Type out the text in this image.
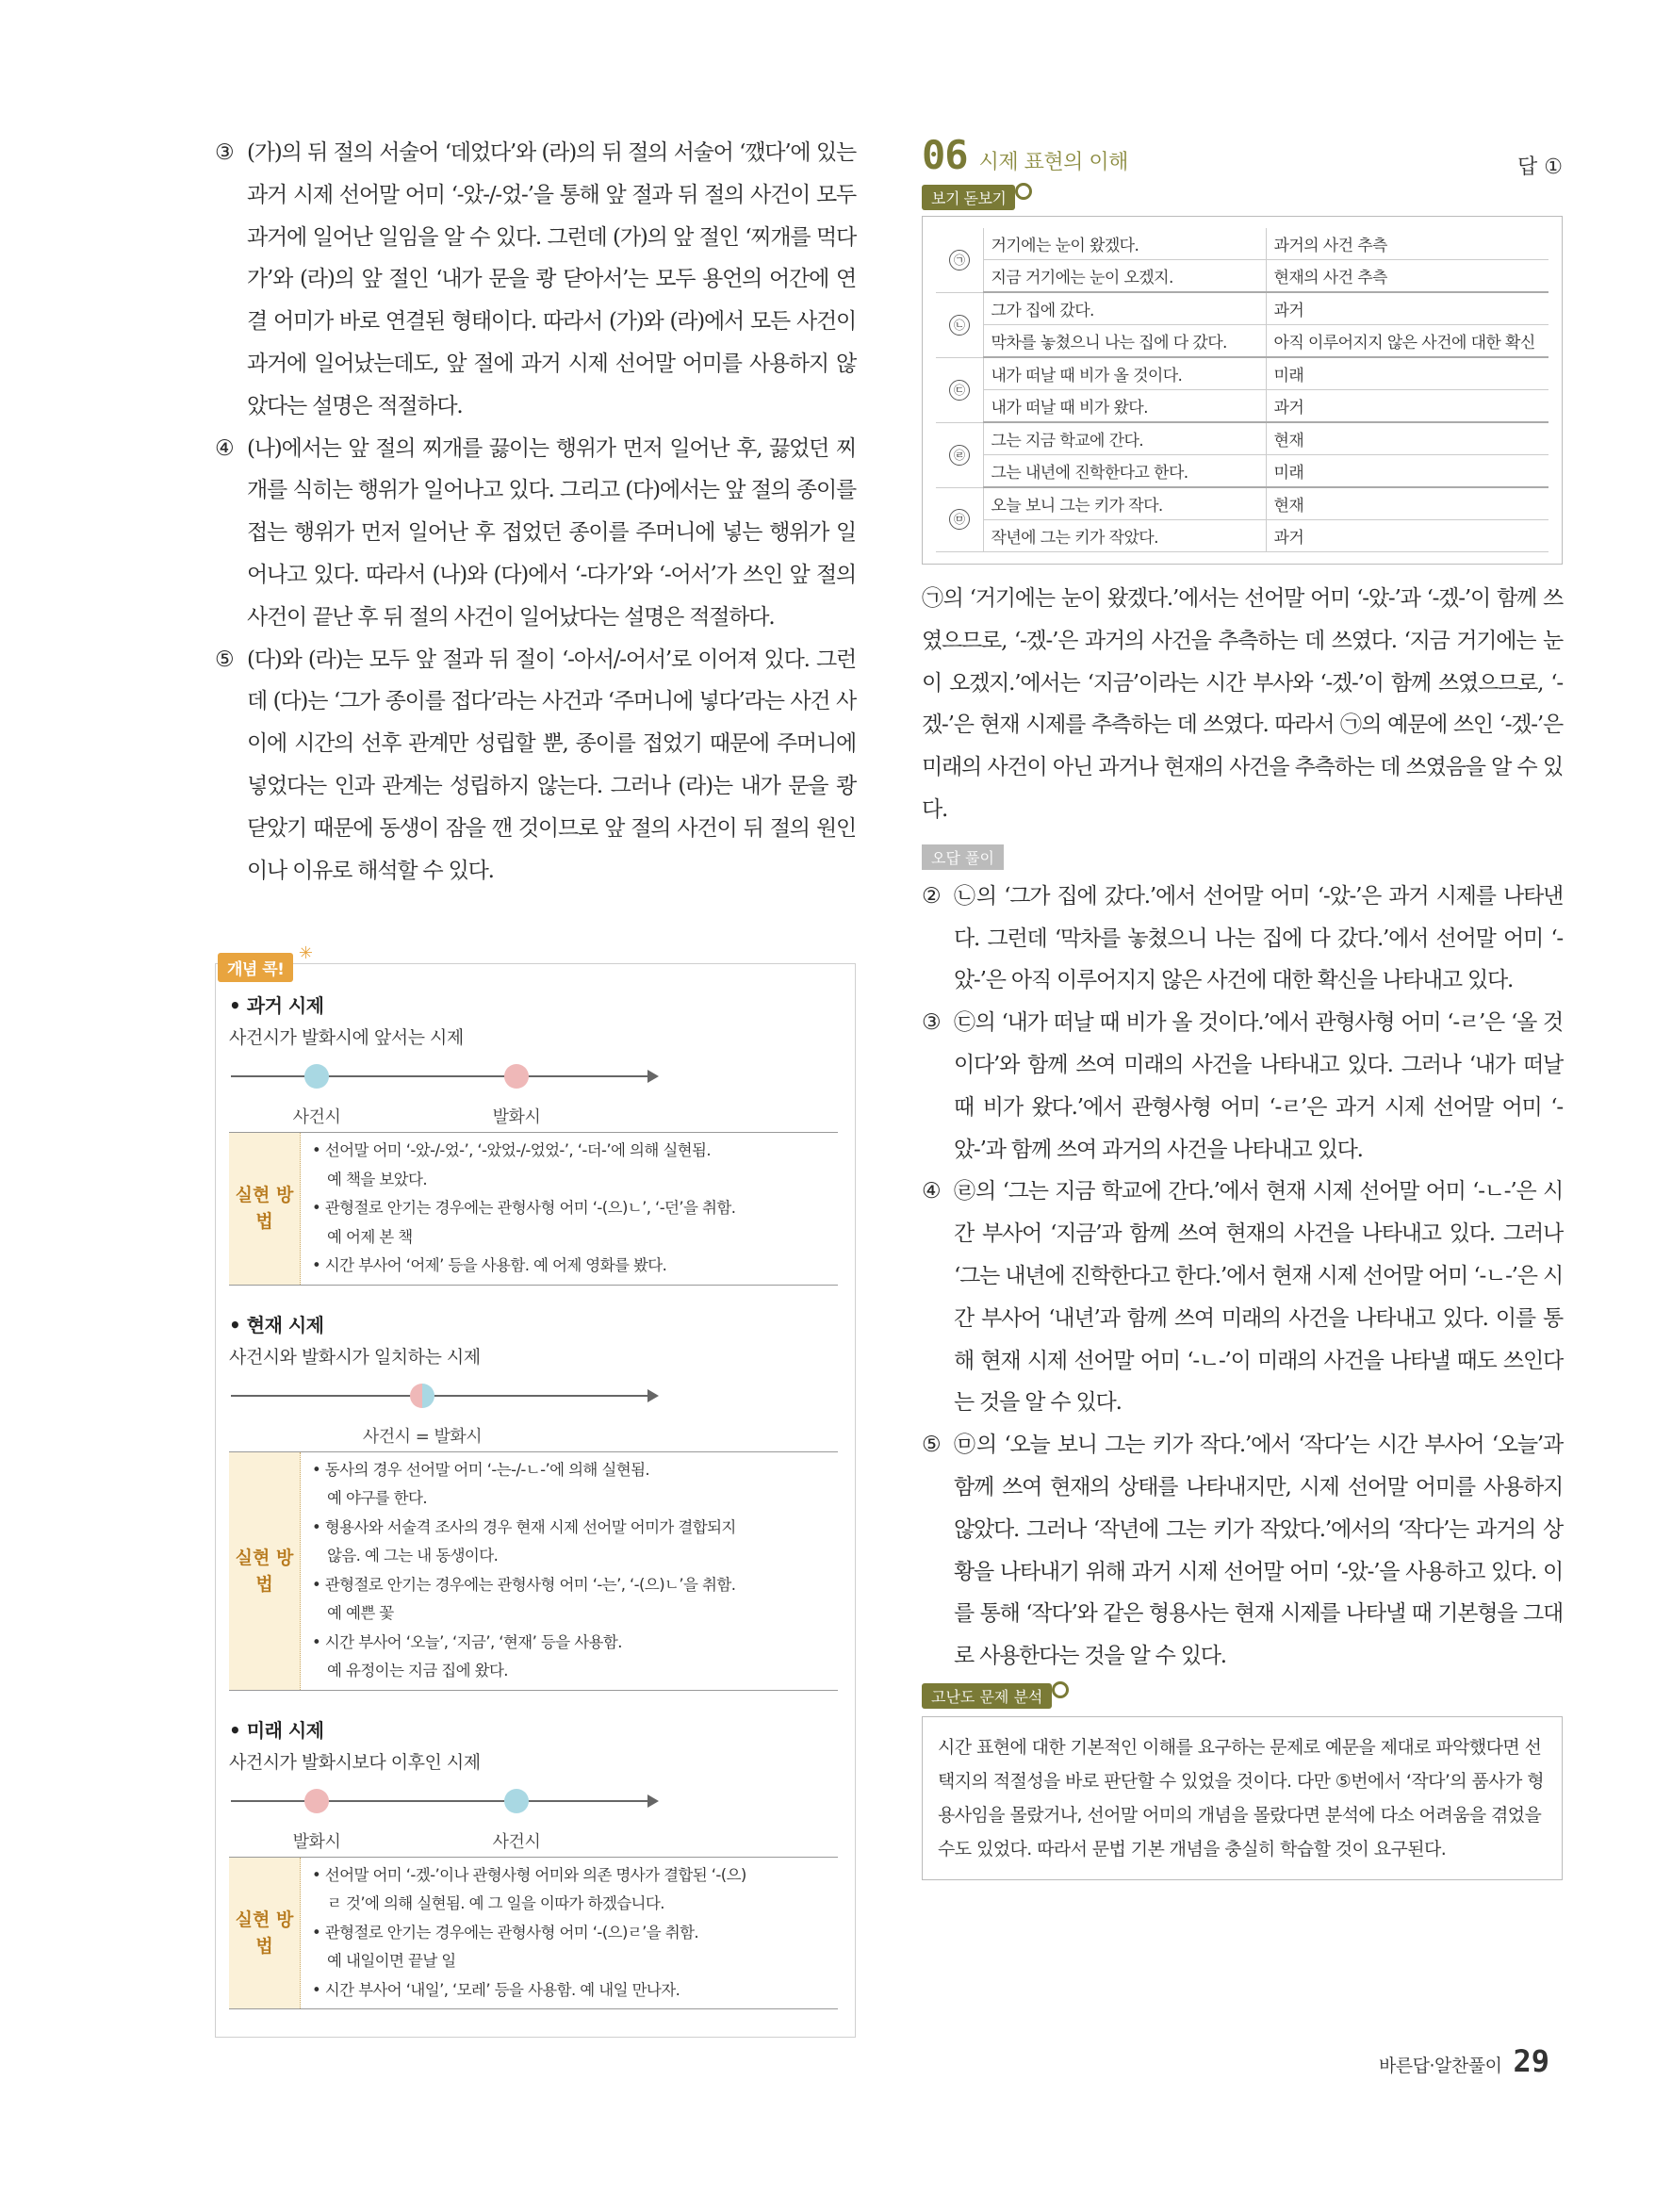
③ (가)의 뒤 절의 서술어 ‘데었다’와 (라)의 뒤 절의 서술어 ‘깼다’에 있는 과거 시제 선어말 어미 ‘-았-/-었-’을 통해 앞 절과 뒤 절의 사건이 모두 과거에 일어난 일임을 알 수 있다. 그런데 (가)의 앞 절인 ‘찌개를 먹다가’와 (라)의 앞 절인 ‘내가 문을 쾅 닫아서’는 모두 용언의 어간에 연결 어미가 바로 연결된 형태이다. 따라서 (가)와 (라)에서 모든 사건이 과거에 일어났는데도, 앞 절에 과거 시제 선어말 어미를 사용하지 않았다는 설명은 적절하다.
④ (나)에서는 앞 절의 찌개를 끓이는 행위가 먼저 일어난 후, 끓었던 찌개를 식히는 행위가 일어나고 있다. 그리고 (다)에서는 앞 절의 종이를 접는 행위가 먼저 일어난 후 접었던 종이를 주머니에 넣는 행위가 일어나고 있다. 따라서 (나)와 (다)에서 ‘-다가’와 ‘-어서’가 쓰인 앞 절의 사건이 끝난 후 뒤 절의 사건이 일어났다는 설명은 적절하다.
⑤ (다)와 (라)는 모두 앞 절과 뒤 절이 ‘-아서/-어서’로 이어져 있다. 그런데 (다)는 ‘그가 종이를 접다’라는 사건과 ‘주머니에 넣다’라는 사건 사이에 시간의 선후 관계만 성립할 뿐, 종이를 접었기 때문에 주머니에 넣었다는 인과 관계는 성립하지 않는다. 그러나 (라)는 내가 문을 쾅 닫았기 때문에 동생이 잠을 깬 것이므로 앞 절의 사건이 뒤 절의 원인이나 이유로 해석할 수 있다.
개념 콕!
✳
• 과거 시제
사건시가 발화시에 앞서는 시제
사건시	발화시
실현 방법
• 선어말 어미 ‘-았-/-었-’, ‘-았었-/-었었-’, ‘-더-’에 의해 실현됨.
예 책을 보았다.
• 관형절로 안기는 경우에는 관형사형 어미 ‘-(으)ㄴ’, ‘-던’을 취함.
예 어제 본 책
• 시간 부사어 ‘어제’ 등을 사용함. 예 어제 영화를 봤다.
• 현재 시제
사건시와 발화시가 일치하는 시제
사건시 = 발화시
실현 방법
• 동사의 경우 선어말 어미 ‘-는-/-ㄴ-’에 의해 실현됨.
예 야구를 한다.
• 형용사와 서술격 조사의 경우 현재 시제 선어말 어미가 결합되지
않음. 예 그는 내 동생이다.
• 관형절로 안기는 경우에는 관형사형 어미 ‘-는’, ‘-(으)ㄴ’을 취함.
예 예쁜 꽃
• 시간 부사어 ‘오늘’, ‘지금’, ‘현재’ 등을 사용함.
예 유정이는 지금 집에 왔다.
• 미래 시제
사건시가 발화시보다 이후인 시제
발화시	사건시
실현 방법
• 선어말 어미 ‘-겠-’이나 관형사형 어미와 의존 명사가 결합된 ‘-(으)
ㄹ 것’에 의해 실현됨. 예 그 일을 이따가 하겠습니다.
• 관형절로 안기는 경우에는 관형사형 어미 ‘-(으)ㄹ’을 취함.
예 내일이면 끝날 일
• 시간 부사어 ‘내일’, ‘모레’ 등을 사용함. 예 내일 만나자.
06 시제 표현의 이해	답 ①
보기 돋보기
㉠	거기에는 눈이 왔겠다.	과거의 사건 추측
	지금 거기에는 눈이 오겠지.	현재의 사건 추측
㉡	그가 집에 갔다.	과거
	막차를 놓쳤으니 나는 집에 다 갔다.	아직 이루어지지 않은 사건에 대한 확신
㉢	내가 떠날 때 비가 올 것이다.	미래
	내가 떠날 때 비가 왔다.	과거
㉣	그는 지금 학교에 간다.	현재
	그는 내년에 진학한다고 한다.	미래
㉤	오늘 보니 그는 키가 작다.	현재
	작년에 그는 키가 작았다.	과거
㉠의 ‘거기에는 눈이 왔겠다.’에서는 선어말 어미 ‘-았-’과 ‘-겠-’이 함께 쓰였으므로, ‘-겠-’은 과거의 사건을 추측하는 데 쓰였다. ‘지금 거기에는 눈이 오겠지.’에서는 ‘지금’이라는 시간 부사와 ‘-겠-’이 함께 쓰였으므로, ‘-겠-’은 현재 시제를 추측하는 데 쓰였다. 따라서 ㉠의 예문에 쓰인 ‘-겠-’은 미래의 사건이 아닌 과거나 현재의 사건을 추측하는 데 쓰였음을 알 수 있다.
오답 풀이
② ㉡의 ‘그가 집에 갔다.’에서 선어말 어미 ‘-았-’은 과거 시제를 나타낸다. 그런데 ‘막차를 놓쳤으니 나는 집에 다 갔다.’에서 선어말 어미 ‘-았-’은 아직 이루어지지 않은 사건에 대한 확신을 나타내고 있다.
③ ㉢의 ‘내가 떠날 때 비가 올 것이다.’에서 관형사형 어미 ‘-ㄹ’은 ‘올 것이다’와 함께 쓰여 미래의 사건을 나타내고 있다. 그러나 ‘내가 떠날 때 비가 왔다.’에서 관형사형 어미 ‘-ㄹ’은 과거 시제 선어말 어미 ‘-았-’과 함께 쓰여 과거의 사건을 나타내고 있다.
④ ㉣의 ‘그는 지금 학교에 간다.’에서 현재 시제 선어말 어미 ‘-ㄴ-’은 시간 부사어 ‘지금’과 함께 쓰여 현재의 사건을 나타내고 있다. 그러나 ‘그는 내년에 진학한다고 한다.’에서 현재 시제 선어말 어미 ‘-ㄴ-’은 시간 부사어 ‘내년’과 함께 쓰여 미래의 사건을 나타내고 있다. 이를 통해 현재 시제 선어말 어미 ‘-ㄴ-’이 미래의 사건을 나타낼 때도 쓰인다는 것을 알 수 있다.
⑤ ㉤의 ‘오늘 보니 그는 키가 작다.’에서 ‘작다’는 시간 부사어 ‘오늘’과 함께 쓰여 현재의 상태를 나타내지만, 시제 선어말 어미를 사용하지 않았다. 그러나 ‘작년에 그는 키가 작았다.’에서의 ‘작다’는 과거의 상황을 나타내기 위해 과거 시제 선어말 어미 ‘-았-’을 사용하고 있다. 이를 통해 ‘작다’와 같은 형용사는 현재 시제를 나타낼 때 기본형을 그대로 사용한다는 것을 알 수 있다.
고난도 문제 분석
시간 표현에 대한 기본적인 이해를 요구하는 문제로 예문을 제대로 파악했다면 선택지의 적절성을 바로 판단할 수 있었을 것이다. 다만 ⑤번에서 ‘작다’의 품사가 형용사임을 몰랐거나, 선어말 어미의 개념을 몰랐다면 분석에 다소 어려움을 겪었을 수도 있었다. 따라서 문법 기본 개념을 충실히 학습할 것이 요구된다.
바른답·알찬풀이 29
